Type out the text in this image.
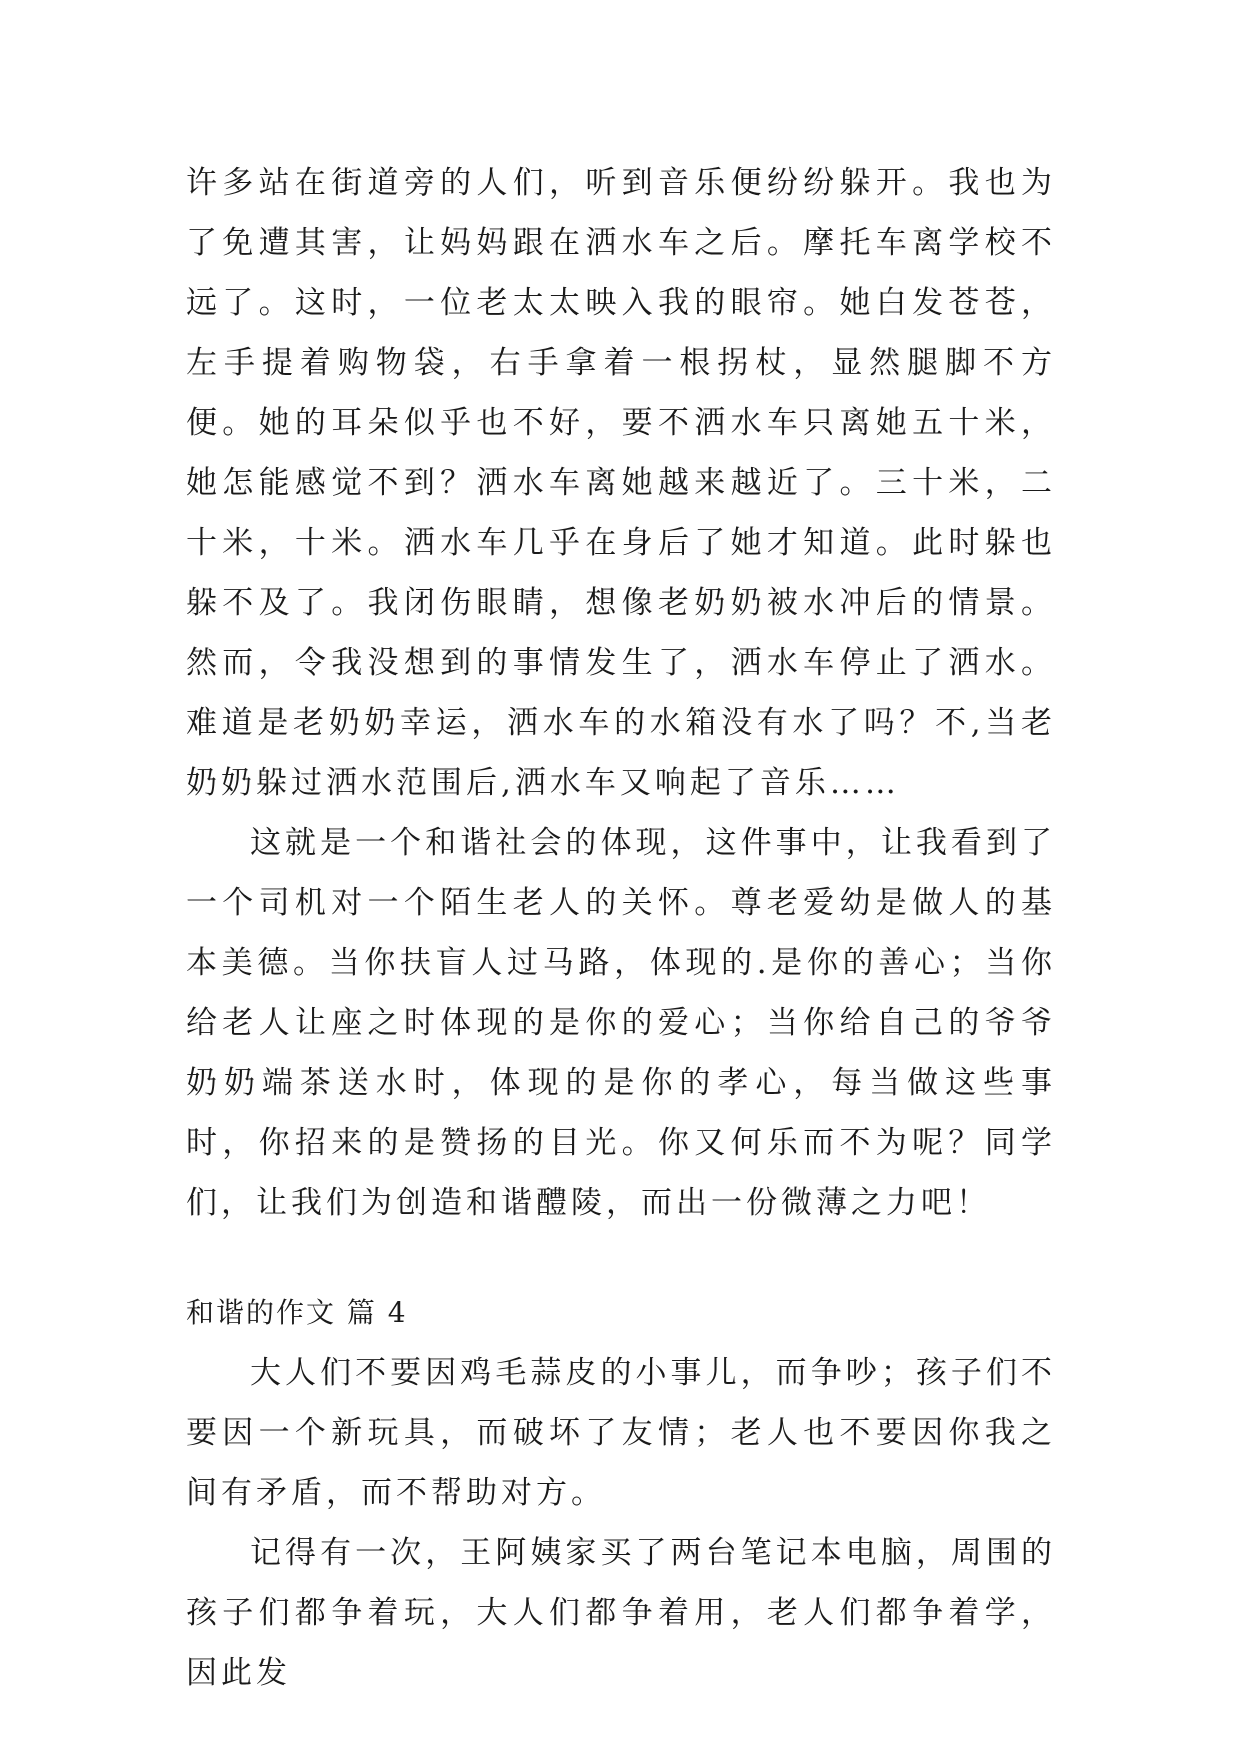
许多站在街道旁的人们，听到音乐便纷纷躲开。我也为了免遭其害，让妈妈跟在洒水车之后。摩托车离学校不远了。这时，一位老太太映入我的眼帘。她白发苍苍，左手提着购物袋，右手拿着一根拐杖，显然腿脚不方便。她的耳朵似乎也不好，要不洒水车只离她五十米，她怎能感觉不到？洒水车离她越来越近了。三十米，二十米，十米。洒水车几乎在身后了她才知道。此时躲也躲不及了。我闭伤眼睛，想像老奶奶被水冲后的情景。然而，令我没想到的事情发生了，洒水车停止了洒水。难道是老奶奶幸运，洒水车的水箱没有水了吗？不,当老奶奶躲过洒水范围后,洒水车又响起了音乐……

这就是一个和谐社会的体现，这件事中，让我看到了一个司机对一个陌生老人的关怀。尊老爱幼是做人的基本美德。当你扶盲人过马路，体现的.是你的善心；当你给老人让座之时体现的是你的爱心；当你给自己的爷爷奶奶端茶送水时，体现的是你的孝心，每当做这些事时，你招来的是赞扬的目光。你又何乐而不为呢？同学们，让我们为创造和谐醴陵，而出一份微薄之力吧！

和谐的作文 篇 4

大人们不要因鸡毛蒜皮的小事儿，而争吵；孩子们不要因一个新玩具，而破坏了友情；老人也不要因你我之间有矛盾，而不帮助对方。

记得有一次，王阿姨家买了两台笔记本电脑，周围的孩子们都争着玩，大人们都争着用，老人们都争着学，因此发
